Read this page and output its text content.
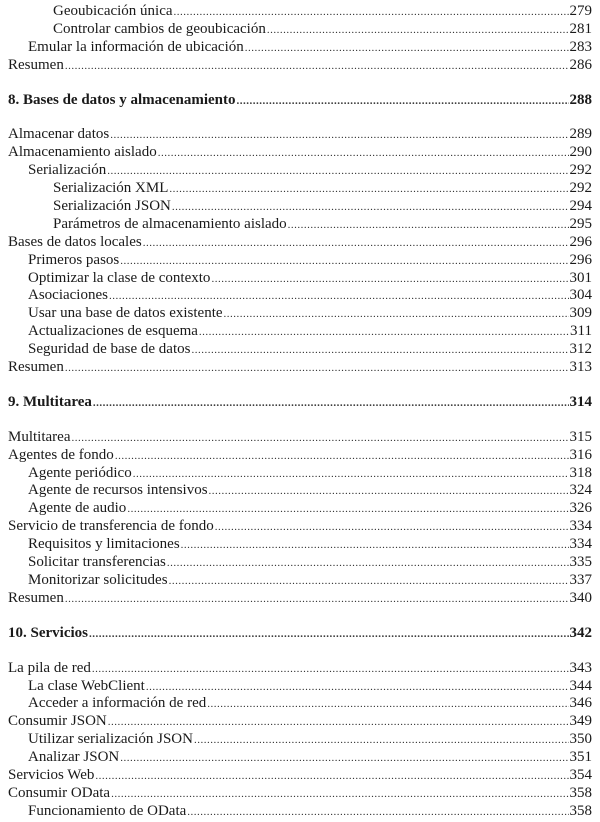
Geoubicación única .....	279
Controlar cambios de geoubicación .....	281
Emular la información de ubicación .....	283
Resumen .....	286
8. Bases de datos y almacenamiento .....	288
Almacenar datos .....	289
Almacenamiento aislado .....	290
Serialización .....	292
Serialización XML .....	292
Serialización JSON .....	294
Parámetros de almacenamiento aislado .....	295
Bases de datos locales .....	296
Primeros pasos .....	296
Optimizar la clase de contexto .....	301
Asociaciones .....	304
Usar una base de datos existente .....	309
Actualizaciones de esquema .....	311
Seguridad de base de datos .....	312
Resumen .....	313
9. Multitarea .....	314
Multitarea .....	315
Agentes de fondo .....	316
Agente periódico .....	318
Agente de recursos intensivos .....	324
Agente de audio .....	326
Servicio de transferencia de fondo .....	334
Requisitos y limitaciones .....	334
Solicitar transferencias .....	335
Monitorizar solicitudes .....	337
Resumen .....	340
10. Servicios .....	342
La pila de red .....	343
La clase WebClient .....	344
Acceder a información de red .....	346
Consumir JSON .....	349
Utilizar serialización JSON .....	350
Analizar JSON .....	351
Servicios Web .....	354
Consumir OData .....	358
Funcionamiento de OData .....	358
